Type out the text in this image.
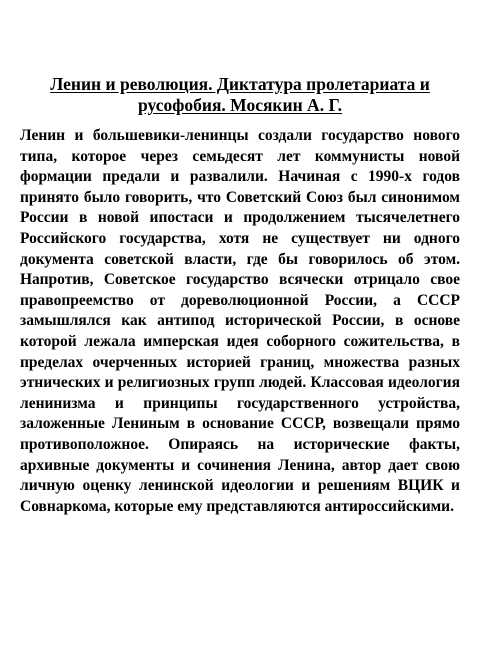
Ленин и революция. Диктатура пролетариата и русофобия. Мосякин А. Г.

Ленин и большевики-ленинцы создали государство нового типа, которое через семьдесят лет коммунисты новой формации предали и развалили. Начиная с 1990-х годов принято было говорить, что Советский Союз был синонимом России в новой ипостаси и продолжением тысячелетнего Российского государства, хотя не существует ни одного документа советской власти, где бы говорилось об этом. Напротив, Советское государство всячески отрицало свое правопреемство от дореволюционной России, а СССР замышлялся как антипод исторической России, в основе которой лежала имперская идея соборного сожительства, в пределах очерченных историей границ, множества разных этнических и религиозных групп людей. Классовая идеология ленинизма и принципы государственного устройства, заложенные Лениным в основание СССР, возвещали прямо противоположное. Опираясь на исторические факты, архивные документы и сочинения Ленина, автор дает свою личную оценку ленинской идеологии и решениям ВЦИК и Совнаркома, которые ему представляются антироссийскими.
